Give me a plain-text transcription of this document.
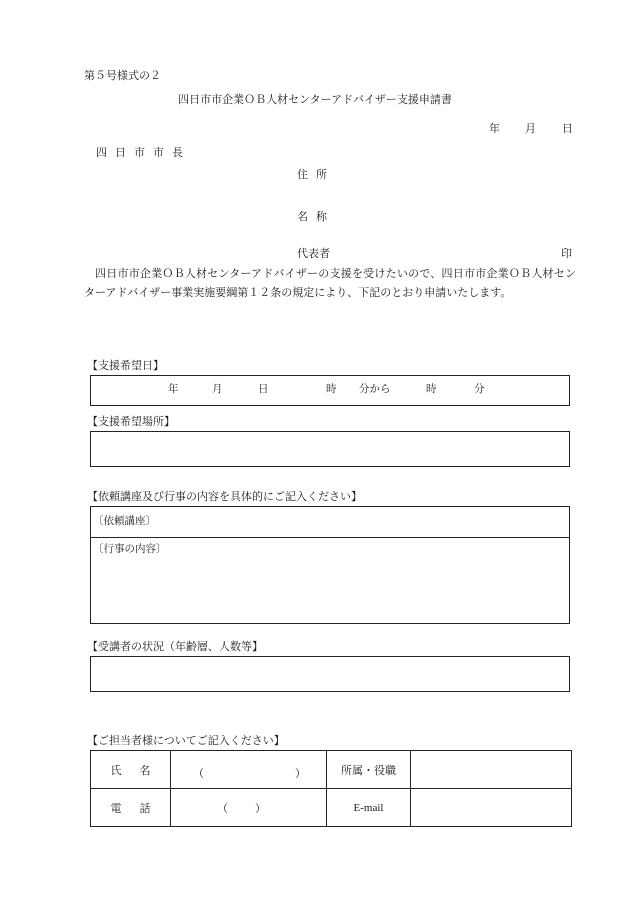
第５号様式の２
四日市市企業ＯＢ人材センターアドバイザー支援申請書
年 月 日
四日市市長
住所
名称
代表者	印
四日市市企業ＯＢ人材センターアドバイザーの支援を受けたいので、四日市市企業ＯＢ人材センターアドバイザー事業実施要綱第１２条の規定により、下記のとおり申請いたします。
【支援希望日】
年	月	日	時 分から	時	分
【支援希望場所】
【依頼講座及び行事の内容を具体的にご記入ください】
〔依頼講座〕
〔行事の内容〕
【受講者の状況（年齢層、人数等】
【ご担当者様についてご記入ください】
氏名	（ ）	所属・役職	
電話	（ ）	E-mail	
